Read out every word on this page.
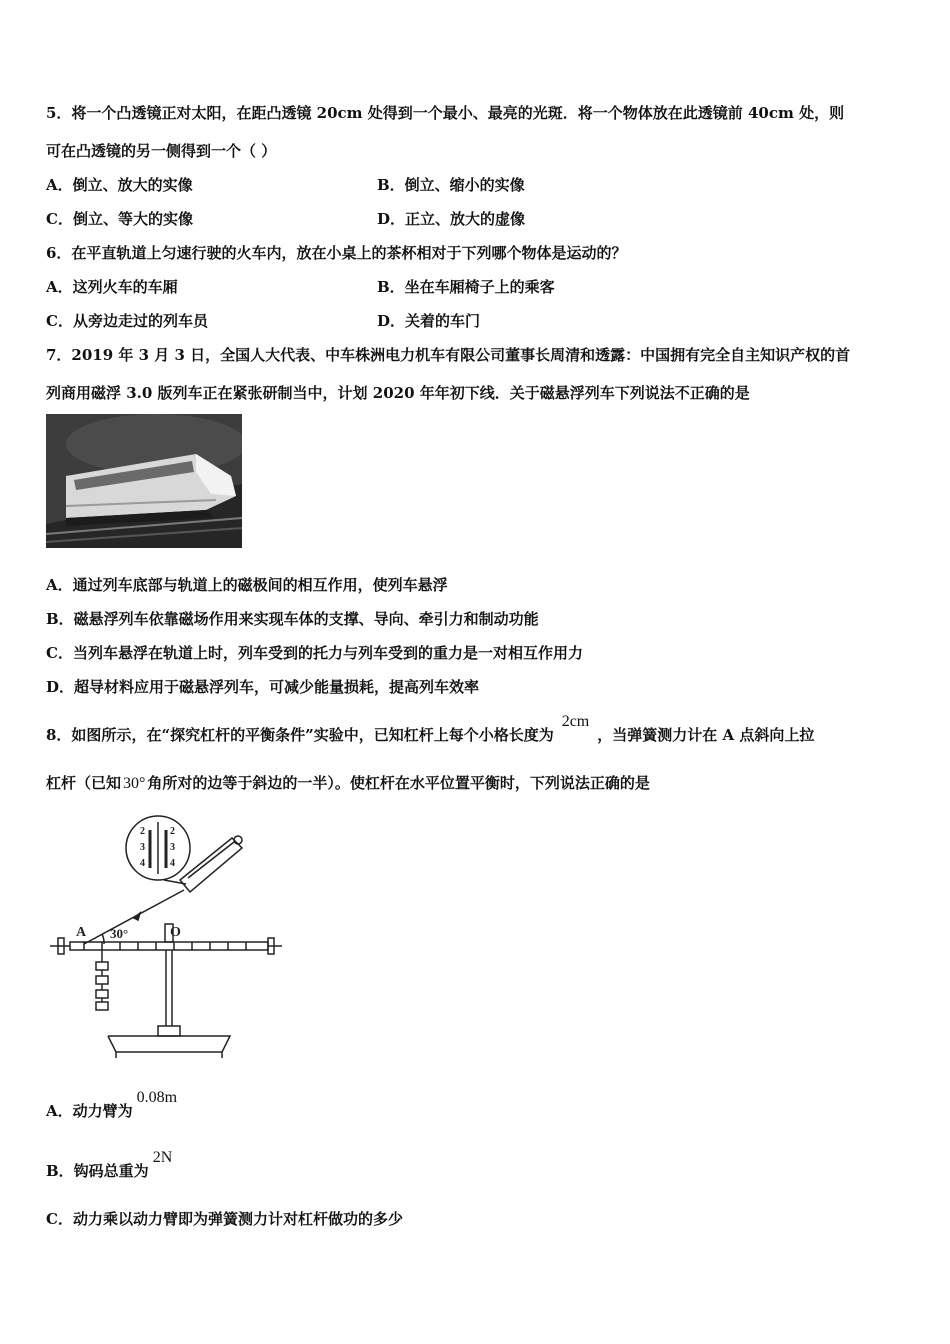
5．将一个凸透镜正对太阳，在距凸透镜 20cm 处得到一个最小、最亮的光斑．将一个物体放在此透镜前 40cm 处，则
可在凸透镜的另一侧得到一个（ ）
A．倒立、放大的实像	B．倒立、缩小的实像
C．倒立、等大的实像	D．正立、放大的虚像
6．在平直轨道上匀速行驶的火车内，放在小桌上的茶杯相对于下列哪个物体是运动的？
A．这列火车的车厢	B．坐在车厢椅子上的乘客
C．从旁边走过的列车员	D．关着的车门
7．2019 年 3 月 3 日，全国人大代表、中车株洲电力机车有限公司董事长周清和透露：中国拥有完全自主知识产权的首
列商用磁浮 3.0 版列车正在紧张研制当中，计划 2020 年年初下线．关于磁悬浮列车下列说法不正确的是
A．通过列车底部与轨道上的磁极间的相互作用，使列车悬浮
B．磁悬浮列车依靠磁场作用来实现车体的支撑、导向、牵引力和制动功能
C．当列车悬浮在轨道上时，列车受到的托力与列车受到的重力是一对相互作用力
D．超导材料应用于磁悬浮列车，可减少能量损耗，提高列车效率
8．如图所示，在“探究杠杆的平衡条件”实验中，已知杠杆上每个小格长度为2cm，当弹簧测力计在 A 点斜向上拉
杠杆（已知 30° 角所对的边等于斜边的一半）。使杠杆在水平位置平衡时，下列说法正确的是
2
3
4
2
3
4
A 30°	O
A．动力臂为0.08m
B．钩码总重为2N
C．动力乘以动力臂即为弹簧测力计对杠杆做功的多少
